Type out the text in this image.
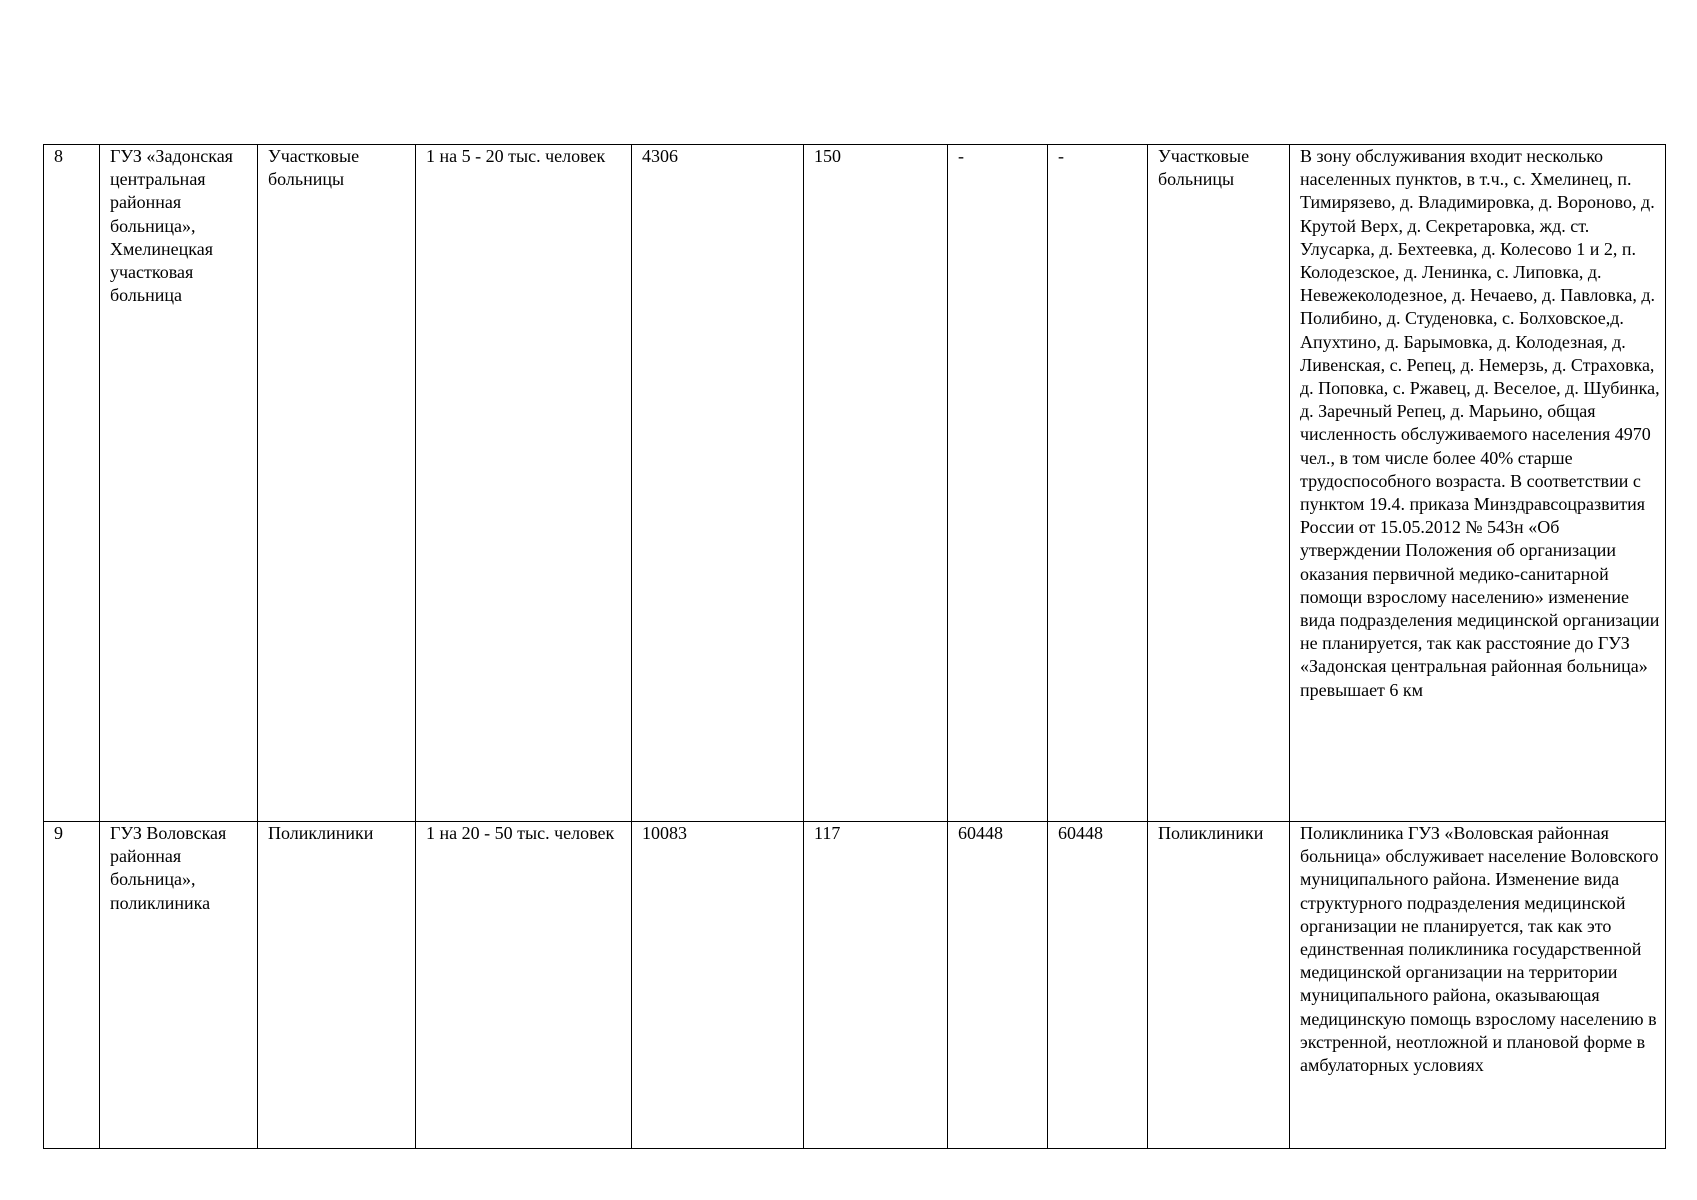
8	ГУЗ «Задонская центральная районная больница», Хмелинецкая участковая больница	Участковые больницы	1 на 5 - 20 тыс. человек	4306	150	-	-	Участковые больницы	В зону обслуживания входит несколько населенных пунктов, в т.ч., с. Хмелинец, п. Тимирязево, д. Владимировка, д. Вороново, д. Крутой Верх, д. Секретаровка, жд. ст. Улусарка, д. Бехтеевка, д. Колесово 1 и 2, п. Колодезское, д. Ленинка, с. Липовка, д. Невежеколодезное, д. Нечаево, д. Павловка, д. Полибино, д. Студеновка, с. Болховское,д. Апухтино, д. Барымовка, д. Колодезная, д. Ливенская, с. Репец, д. Немерзь, д. Страховка, д. Поповка, с. Ржавец, д. Веселое, д. Шубинка, д. Заречный Репец, д. Марьино, общая численность обслуживаемого населения 4970 чел., в том числе более 40% старше трудоспособного возраста. В соответствии с пунктом 19.4. приказа Минздравсоцразвития России от 15.05.2012 № 543н «Об утверждении Положения об организации оказания первичной медико-санитарной помощи взрослому населению» изменение вида подразделения медицинской организации не планируется, так как расстояние до ГУЗ «Задонская центральная районная больница» превышает 6 км
9	ГУЗ Воловская районная больница», поликлиника	Поликлиники	1 на 20 - 50 тыс. человек	10083	117	60448	60448	Поликлиники	Поликлиника ГУЗ «Воловская районная больница» обслуживает население Воловского муниципального района. Изменение вида структурного подразделения медицинской организации не планируется, так как это единственная поликлиника государственной медицинской организации на территории муниципального района, оказывающая медицинскую помощь взрослому населению в экстренной, неотложной и плановой форме в амбулаторных условиях
